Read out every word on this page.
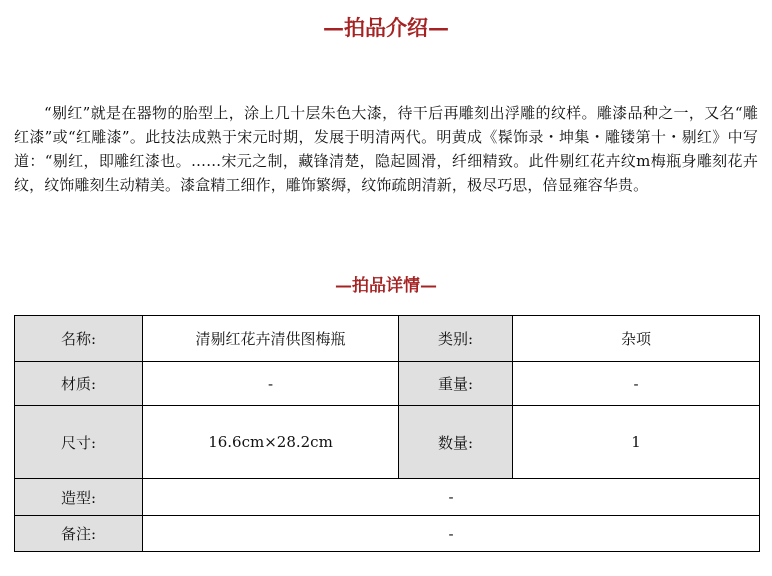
—拍品介绍—

“剔红”就是在器物的胎型上，涂上几十层朱色大漆，待干后再雕刻出浮雕的纹样。雕漆品种之一，又名“雕红漆”或“红雕漆”。此技法成熟于宋元时期，发展于明清两代。明黄成《髹饰录・坤集・雕镂第十・剔红》中写道：“剔红，即雕红漆也。……宋元之制，藏锋清楚，隐起圆滑，纤细精致。此件剔红花卉纹m梅瓶身雕刻花卉纹，纹饰雕刻生动精美。漆盒精工细作，雕饰繁缛，纹饰疏朗清新，极尽巧思，倍显雍容华贵。

—拍品详情—
名称:	清剔红花卉清供图梅瓶	类别:	杂项
材质:	-	重量:	-
尺寸:	16.6cm×28.2cm	数量:	1
造型:	-		
备注:	-		
